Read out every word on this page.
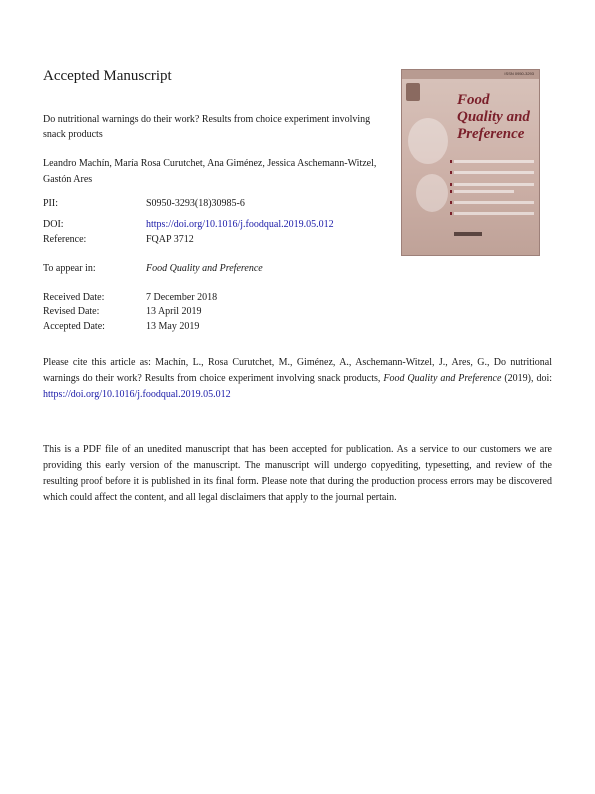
Accepted Manuscript
Do nutritional warnings do their work? Results from choice experiment involving snack products
Leandro Machín, María Rosa Curutchet, Ana Giménez, Jessica Aschemann-Witzel, Gastón Ares
PII:	S0950-3293(18)30985-6
DOI:	https://doi.org/10.1016/j.foodqual.2019.05.012
Reference:	FQAP 3712
To appear in:	Food Quality and Preference
Received Date:	7 December 2018
Revised Date:	13 April 2019
Accepted Date:	13 May 2019
Please cite this article as: Machín, L., Rosa Curutchet, M., Giménez, A., Aschemann-Witzel, J., Ares, G., Do nutritional warnings do their work? Results from choice experiment involving snack products, Food Quality and Preference (2019), doi: https://doi.org/10.1016/j.foodqual.2019.05.012
This is a PDF file of an unedited manuscript that has been accepted for publication. As a service to our customers we are providing this early version of the manuscript. The manuscript will undergo copyediting, typesetting, and review of the resulting proof before it is published in its final form. Please note that during the production process errors may be discovered which could affect the content, and all legal disclaimers that apply to the journal pertain.
ISSN 0950-3293
Food
Quality and
Preference
